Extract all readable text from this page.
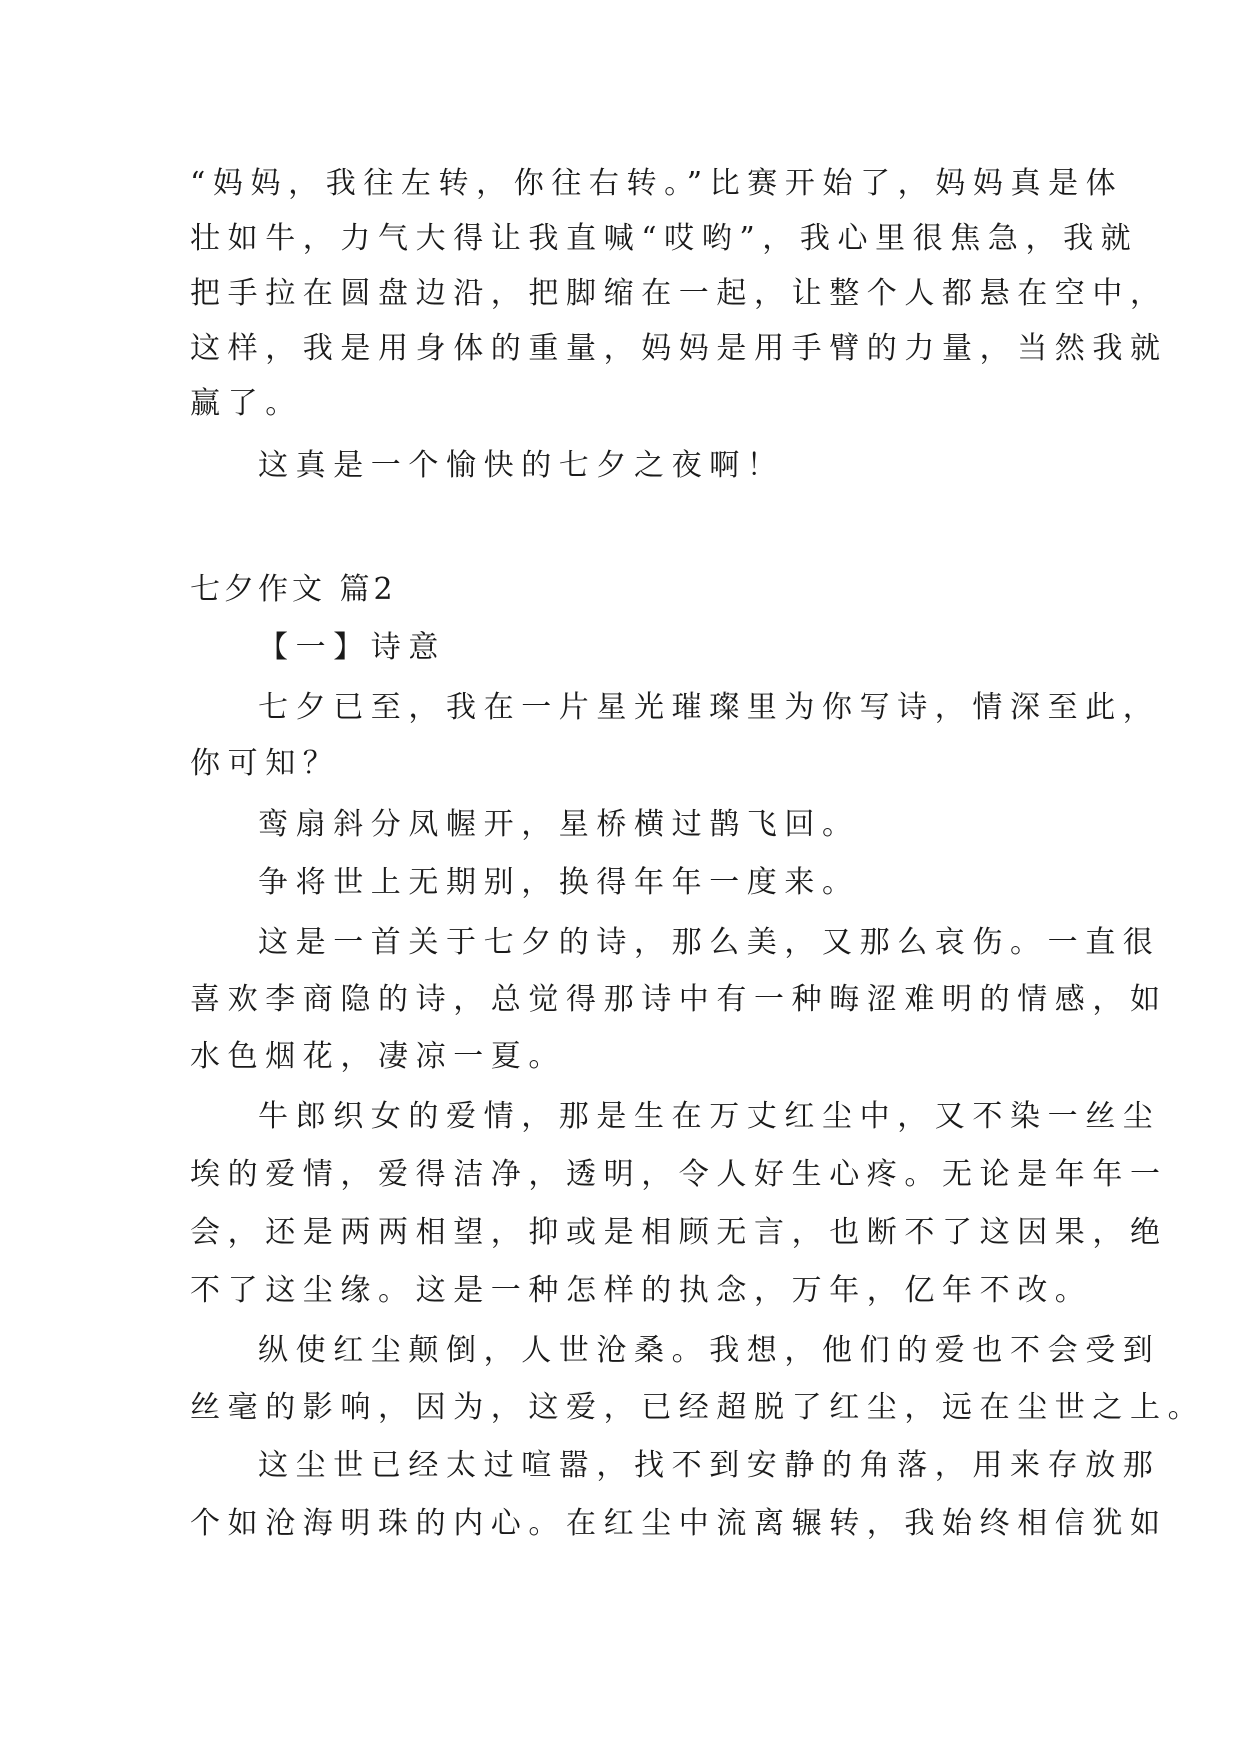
“妈妈，我往左转，你往右转。”比赛开始了，妈妈真是体
壮如牛，力气大得让我直喊“哎哟”，我心里很焦急，我就
把手拉在圆盘边沿，把脚缩在一起，让整个人都悬在空中，
这样，我是用身体的重量，妈妈是用手臂的力量，当然我就
赢了。
这真是一个愉快的七夕之夜啊！
七夕作文 篇2
【一】诗意
七夕已至，我在一片星光璀璨里为你写诗，情深至此，
你可知？
鸾扇斜分凤幄开，星桥横过鹊飞回。
争将世上无期别，换得年年一度来。
这是一首关于七夕的诗，那么美，又那么哀伤。一直很
喜欢李商隐的诗，总觉得那诗中有一种晦涩难明的情感，如
水色烟花，凄凉一夏。
牛郎织女的爱情，那是生在万丈红尘中，又不染一丝尘
埃的爱情，爱得洁净，透明，令人好生心疼。无论是年年一
会，还是两两相望，抑或是相顾无言，也断不了这因果，绝
不了这尘缘。这是一种怎样的执念，万年，亿年不改。
纵使红尘颠倒，人世沧桑。我想，他们的爱也不会受到
丝毫的影响，因为，这爱，已经超脱了红尘，远在尘世之上。
这尘世已经太过喧嚣，找不到安静的角落，用来存放那
个如沧海明珠的内心。在红尘中流离辗转，我始终相信犹如
